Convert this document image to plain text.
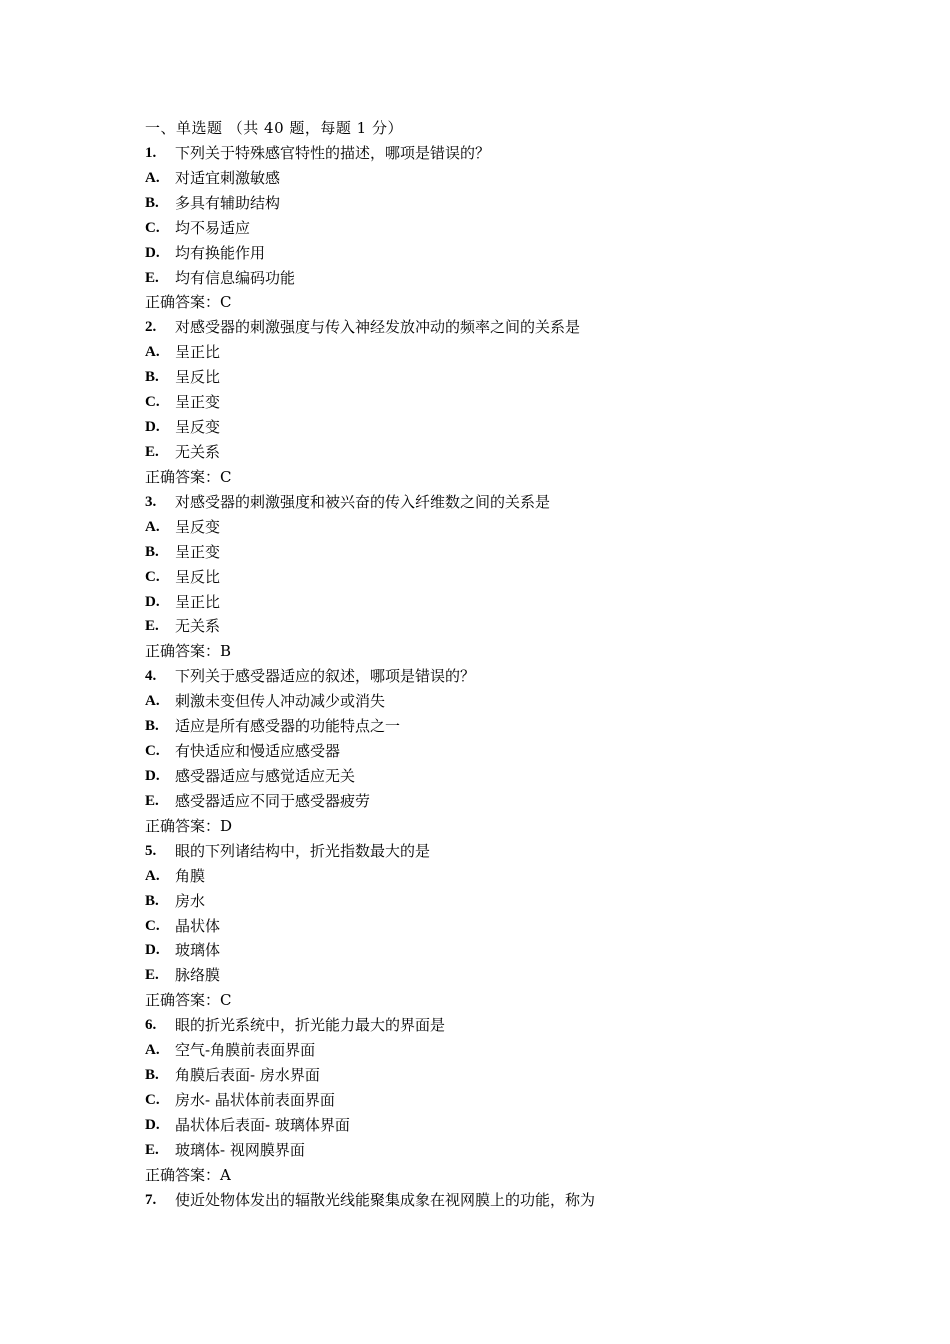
一、单选题 （共 40 题，每题 1 分）
1.	下列关于特殊感官特性的描述，哪项是错误的？
A.	对适宜刺激敏感
B.	多具有辅助结构
C.	均不易适应
D.	均有换能作用
E.	均有信息编码功能
正确答案：C
2.	对感受器的刺激强度与传入神经发放冲动的频率之间的关系是
A.	呈正比
B.	呈反比
C.	呈正变
D.	呈反变
E.	无关系
正确答案：C
3.	对感受器的刺激强度和被兴奋的传入纤维数之间的关系是
A.	呈反变
B.	呈正变
C.	呈反比
D.	呈正比
E.	无关系
正确答案：B
4.	下列关于感受器适应的叙述，哪项是错误的？
A.	刺激未变但传人冲动减少或消失
B.	适应是所有感受器的功能特点之一
C.	有快适应和慢适应感受器
D.	感受器适应与感觉适应无关
E.	感受器适应不同于感受器疲劳
正确答案：D
5.	眼的下列诸结构中，折光指数最大的是
A.	角膜
B.	房水
C.	晶状体
D.	玻璃体
E.	脉络膜
正确答案：C
6.	眼的折光系统中，折光能力最大的界面是
A.	空气-角膜前表面界面
B.	角膜后表面- 房水界面
C.	房水- 晶状体前表面界面
D.	晶状体后表面- 玻璃体界面
E.	玻璃体- 视网膜界面
正确答案：A
7.	使近处物体发出的辐散光线能聚集成象在视网膜上的功能，称为
